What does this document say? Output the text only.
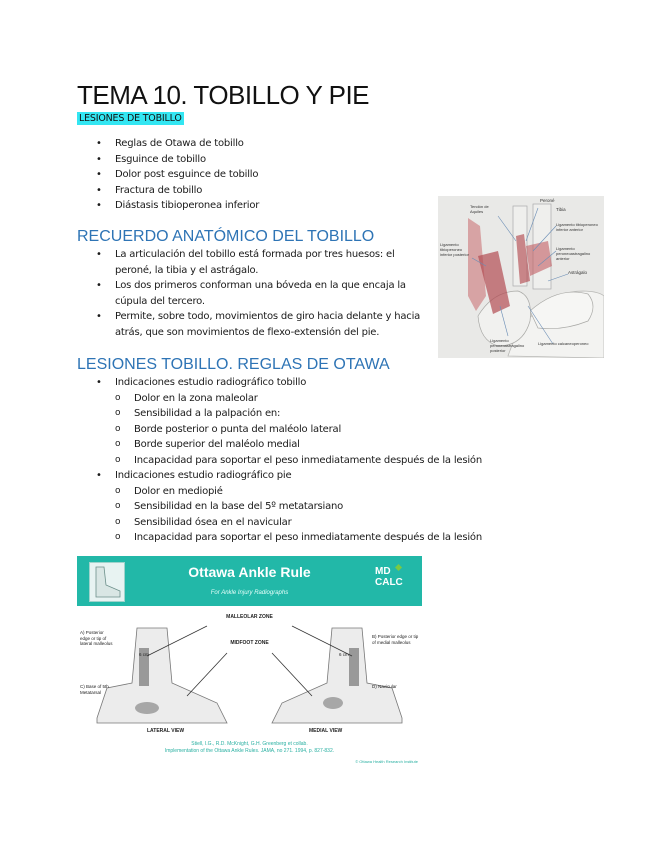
TEMA 10. TOBILLO Y PIE
LESIONES DE TOBILLO
• Reglas de Otawa de tobillo
• Esguince de tobillo
• Dolor post esguince de tobillo
• Fractura de tobillo
• Diástasis tibioperonea inferior
RECUERDO ANATÓMICO DEL TOBILLO
• La articulación del tobillo está formada por tres huesos: el peroné, la tibia y el astrágalo.
• Los dos primeros conforman una bóveda en la que encaja la cúpula del tercero.
• Permite, sobre todo, movimientos de giro hacia delante y hacia atrás, que son movimientos de flexo-extensión del pie.
Tendón de Aquiles
Peroné
Tibia
Ligamento tibioperoneo inferior anterior
Ligamento tibioperoneo inferior posterior
Ligamento peroneoastragalino anterior
Astrágalo
Ligamento peroneoastragalino posterior
Ligamento calcaneoperoneo
LESIONES TOBILLO. REGLAS DE OTAWA
• Indicaciones estudio radiográfico tobillo
o Dolor en la zona maleolar
o Sensibilidad a la palpación en:
o Borde posterior o punta del maléolo lateral
o Borde superior del maléolo medial
o Incapacidad para soportar el peso inmediatamente después de la lesión
• Indicaciones estudio radiográfico pie
o Dolor en mediopié
o Sensibilidad en la base del 5º metatarsiano
o Sensibilidad ósea en el navicular
o Incapacidad para soportar el peso inmediatamente después de la lesión
Ottawa Ankle Rule
For Ankle Injury Radiographs
MD
CALC
MALLEOLAR ZONE
MIDFOOT ZONE
A) Posterior edge or tip of lateral malleolus
B) Posterior edge or tip of medial malleolus
C) Base of 5th Metatarsal
D) Navicular
6 cm	6 cm
LATERAL VIEW	MEDIAL VIEW
Stiell, I.G., R.D. McKnight, G.H. Greenberg et collab.
Implementation of the Ottawa Ankle Rules. JAMA, no 271. 1994, p. 827-832.
© Ottawa Health Research Institute
